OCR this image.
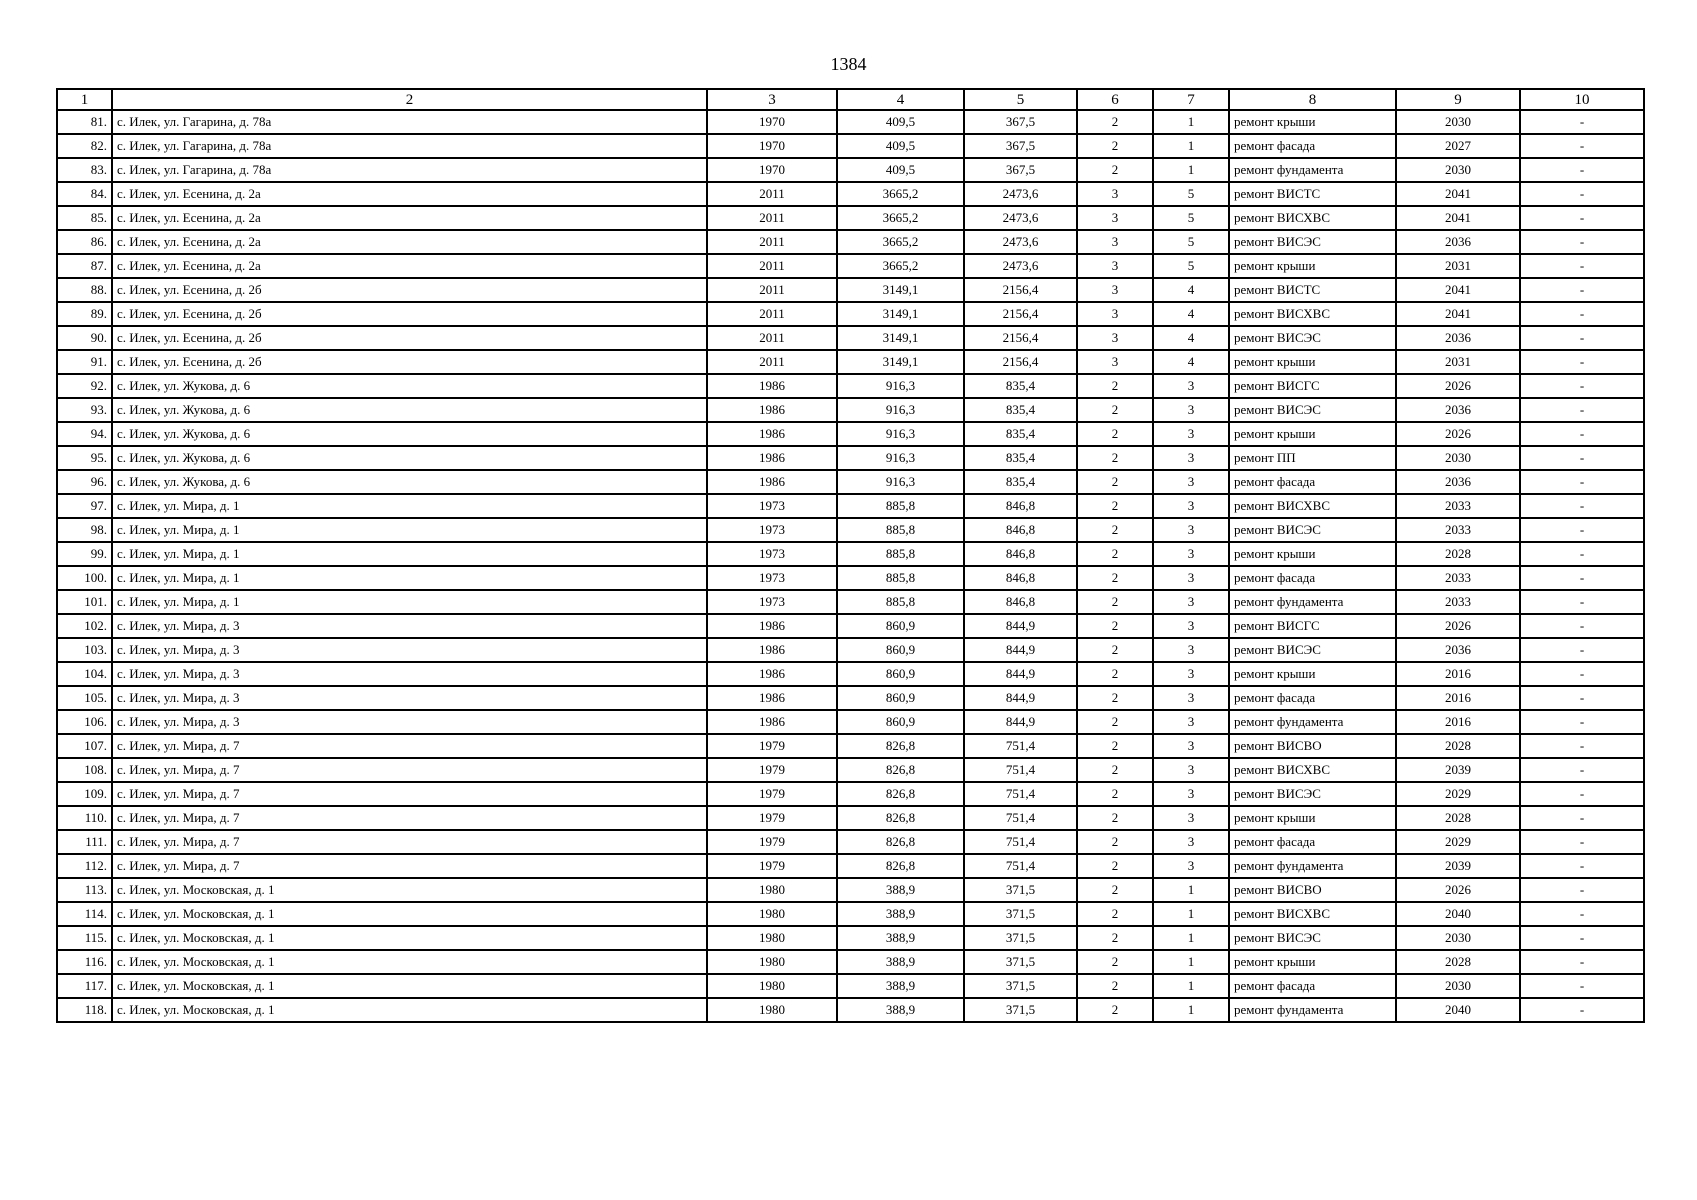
1384
1	2	3	4	5	6	7	8	9	10
81.	с. Илек, ул. Гагарина, д. 78а	1970	409,5	367,5	2	1	ремонт крыши	2030	-
82.	с. Илек, ул. Гагарина, д. 78а	1970	409,5	367,5	2	1	ремонт фасада	2027	-
83.	с. Илек, ул. Гагарина, д. 78а	1970	409,5	367,5	2	1	ремонт фундамента	2030	-
84.	с. Илек, ул. Есенина, д. 2а	2011	3665,2	2473,6	3	5	ремонт ВИСТС	2041	-
85.	с. Илек, ул. Есенина, д. 2а	2011	3665,2	2473,6	3	5	ремонт ВИСХВС	2041	-
86.	с. Илек, ул. Есенина, д. 2а	2011	3665,2	2473,6	3	5	ремонт ВИСЭС	2036	-
87.	с. Илек, ул. Есенина, д. 2а	2011	3665,2	2473,6	3	5	ремонт крыши	2031	-
88.	с. Илек, ул. Есенина, д. 2б	2011	3149,1	2156,4	3	4	ремонт ВИСТС	2041	-
89.	с. Илек, ул. Есенина, д. 2б	2011	3149,1	2156,4	3	4	ремонт ВИСХВС	2041	-
90.	с. Илек, ул. Есенина, д. 2б	2011	3149,1	2156,4	3	4	ремонт ВИСЭС	2036	-
91.	с. Илек, ул. Есенина, д. 2б	2011	3149,1	2156,4	3	4	ремонт крыши	2031	-
92.	с. Илек, ул. Жукова, д. 6	1986	916,3	835,4	2	3	ремонт ВИСГС	2026	-
93.	с. Илек, ул. Жукова, д. 6	1986	916,3	835,4	2	3	ремонт ВИСЭС	2036	-
94.	с. Илек, ул. Жукова, д. 6	1986	916,3	835,4	2	3	ремонт крыши	2026	-
95.	с. Илек, ул. Жукова, д. 6	1986	916,3	835,4	2	3	ремонт ПП	2030	-
96.	с. Илек, ул. Жукова, д. 6	1986	916,3	835,4	2	3	ремонт фасада	2036	-
97.	с. Илек, ул. Мира, д. 1	1973	885,8	846,8	2	3	ремонт ВИСХВС	2033	-
98.	с. Илек, ул. Мира, д. 1	1973	885,8	846,8	2	3	ремонт ВИСЭС	2033	-
99.	с. Илек, ул. Мира, д. 1	1973	885,8	846,8	2	3	ремонт крыши	2028	-
100.	с. Илек, ул. Мира, д. 1	1973	885,8	846,8	2	3	ремонт фасада	2033	-
101.	с. Илек, ул. Мира, д. 1	1973	885,8	846,8	2	3	ремонт фундамента	2033	-
102.	с. Илек, ул. Мира, д. 3	1986	860,9	844,9	2	3	ремонт ВИСГС	2026	-
103.	с. Илек, ул. Мира, д. 3	1986	860,9	844,9	2	3	ремонт ВИСЭС	2036	-
104.	с. Илек, ул. Мира, д. 3	1986	860,9	844,9	2	3	ремонт крыши	2016	-
105.	с. Илек, ул. Мира, д. 3	1986	860,9	844,9	2	3	ремонт фасада	2016	-
106.	с. Илек, ул. Мира, д. 3	1986	860,9	844,9	2	3	ремонт фундамента	2016	-
107.	с. Илек, ул. Мира, д. 7	1979	826,8	751,4	2	3	ремонт ВИСВО	2028	-
108.	с. Илек, ул. Мира, д. 7	1979	826,8	751,4	2	3	ремонт ВИСХВС	2039	-
109.	с. Илек, ул. Мира, д. 7	1979	826,8	751,4	2	3	ремонт ВИСЭС	2029	-
110.	с. Илек, ул. Мира, д. 7	1979	826,8	751,4	2	3	ремонт крыши	2028	-
111.	с. Илек, ул. Мира, д. 7	1979	826,8	751,4	2	3	ремонт фасада	2029	-
112.	с. Илек, ул. Мира, д. 7	1979	826,8	751,4	2	3	ремонт фундамента	2039	-
113.	с. Илек, ул. Московская, д. 1	1980	388,9	371,5	2	1	ремонт ВИСВО	2026	-
114.	с. Илек, ул. Московская, д. 1	1980	388,9	371,5	2	1	ремонт ВИСХВС	2040	-
115.	с. Илек, ул. Московская, д. 1	1980	388,9	371,5	2	1	ремонт ВИСЭС	2030	-
116.	с. Илек, ул. Московская, д. 1	1980	388,9	371,5	2	1	ремонт крыши	2028	-
117.	с. Илек, ул. Московская, д. 1	1980	388,9	371,5	2	1	ремонт фасада	2030	-
118.	с. Илек, ул. Московская, д. 1	1980	388,9	371,5	2	1	ремонт фундамента	2040	-
